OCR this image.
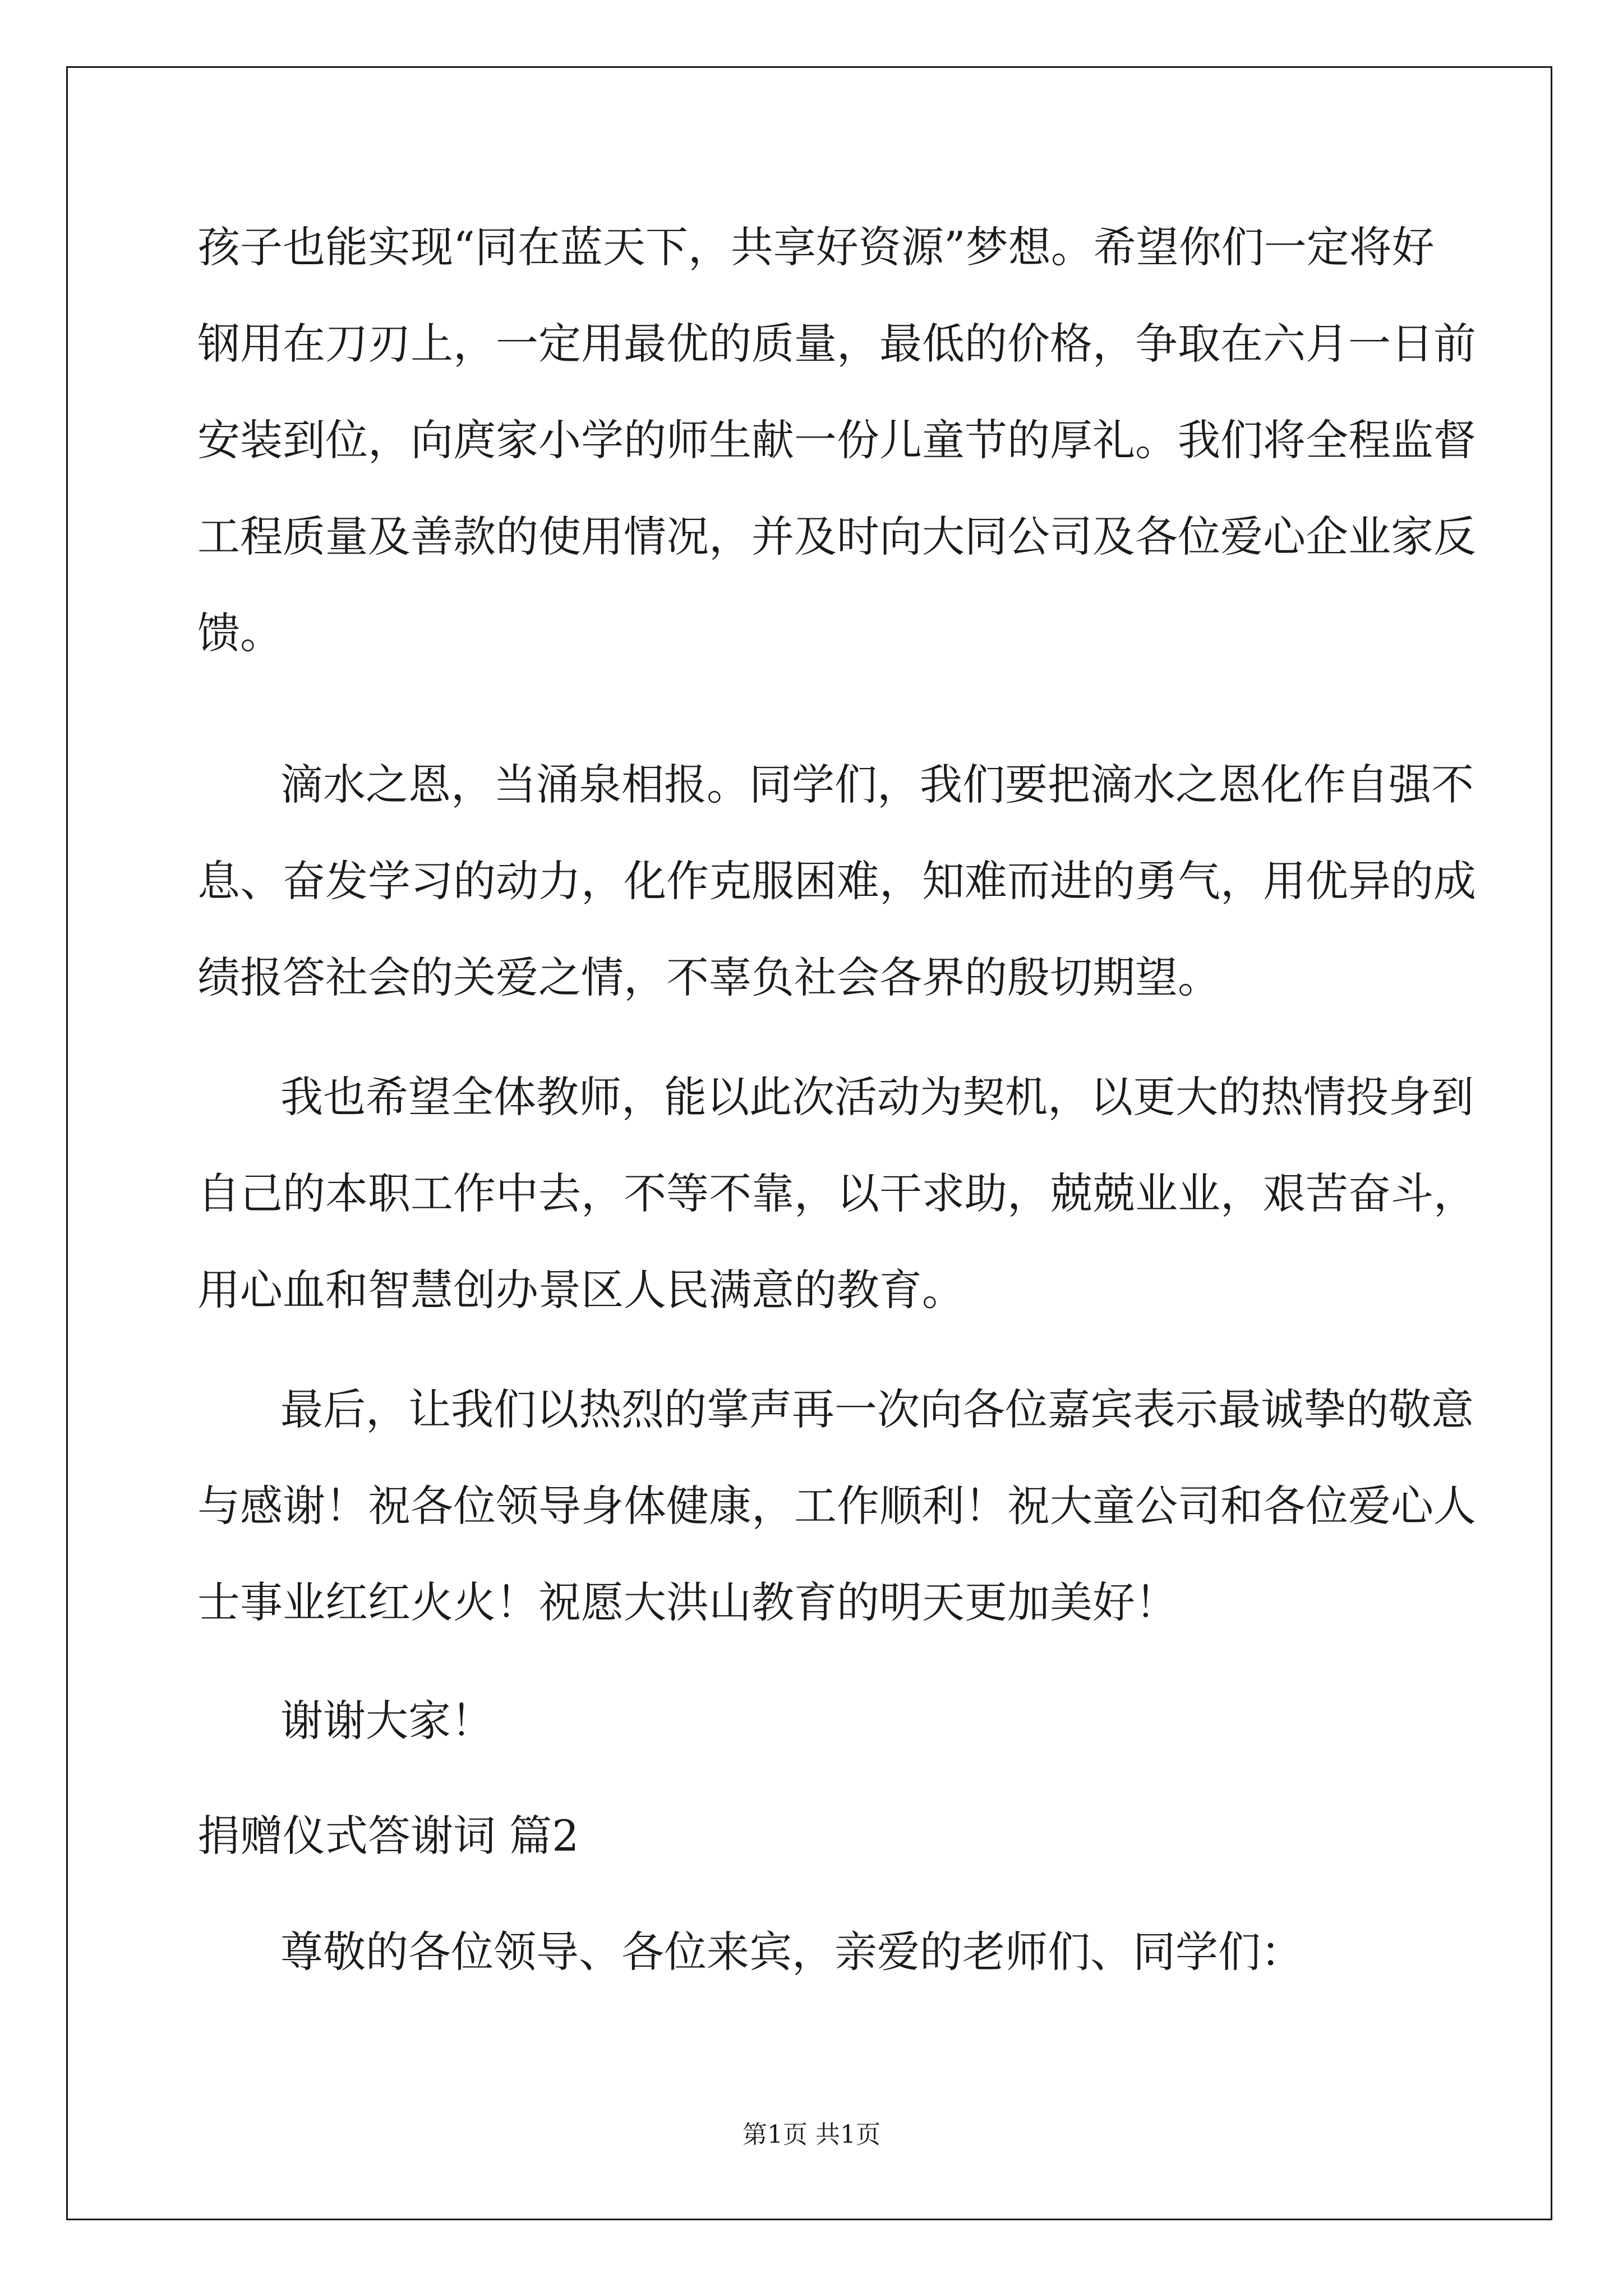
孩子也能实现“同在蓝天下，共享好资源”梦想。希望你们一定将好
钢用在刀刃上，一定用最优的质量，最低的价格，争取在六月一日前
安装到位，向庹家小学的师生献一份儿童节的厚礼。我们将全程监督
工程质量及善款的使用情况，并及时向大同公司及各位爱心企业家反
馈。
滴水之恩，当涌泉相报。同学们，我们要把滴水之恩化作自强不
息、奋发学习的动力，化作克服困难，知难而进的勇气，用优异的成
绩报答社会的关爱之情，不辜负社会各界的殷切期望。
我也希望全体教师，能以此次活动为契机，以更大的热情投身到
自己的本职工作中去，不等不靠，以干求助，兢兢业业，艰苦奋斗，
用心血和智慧创办景区人民满意的教育。
最后，让我们以热烈的掌声再一次向各位嘉宾表示最诚挚的敬意
与感谢！祝各位领导身体健康，工作顺利！祝大童公司和各位爱心人
士事业红红火火！祝愿大洪山教育的明天更加美好！
谢谢大家！
捐赠仪式答谢词 篇2
尊敬的各位领导、各位来宾，亲爱的老师们、同学们：
第1页 共1页
